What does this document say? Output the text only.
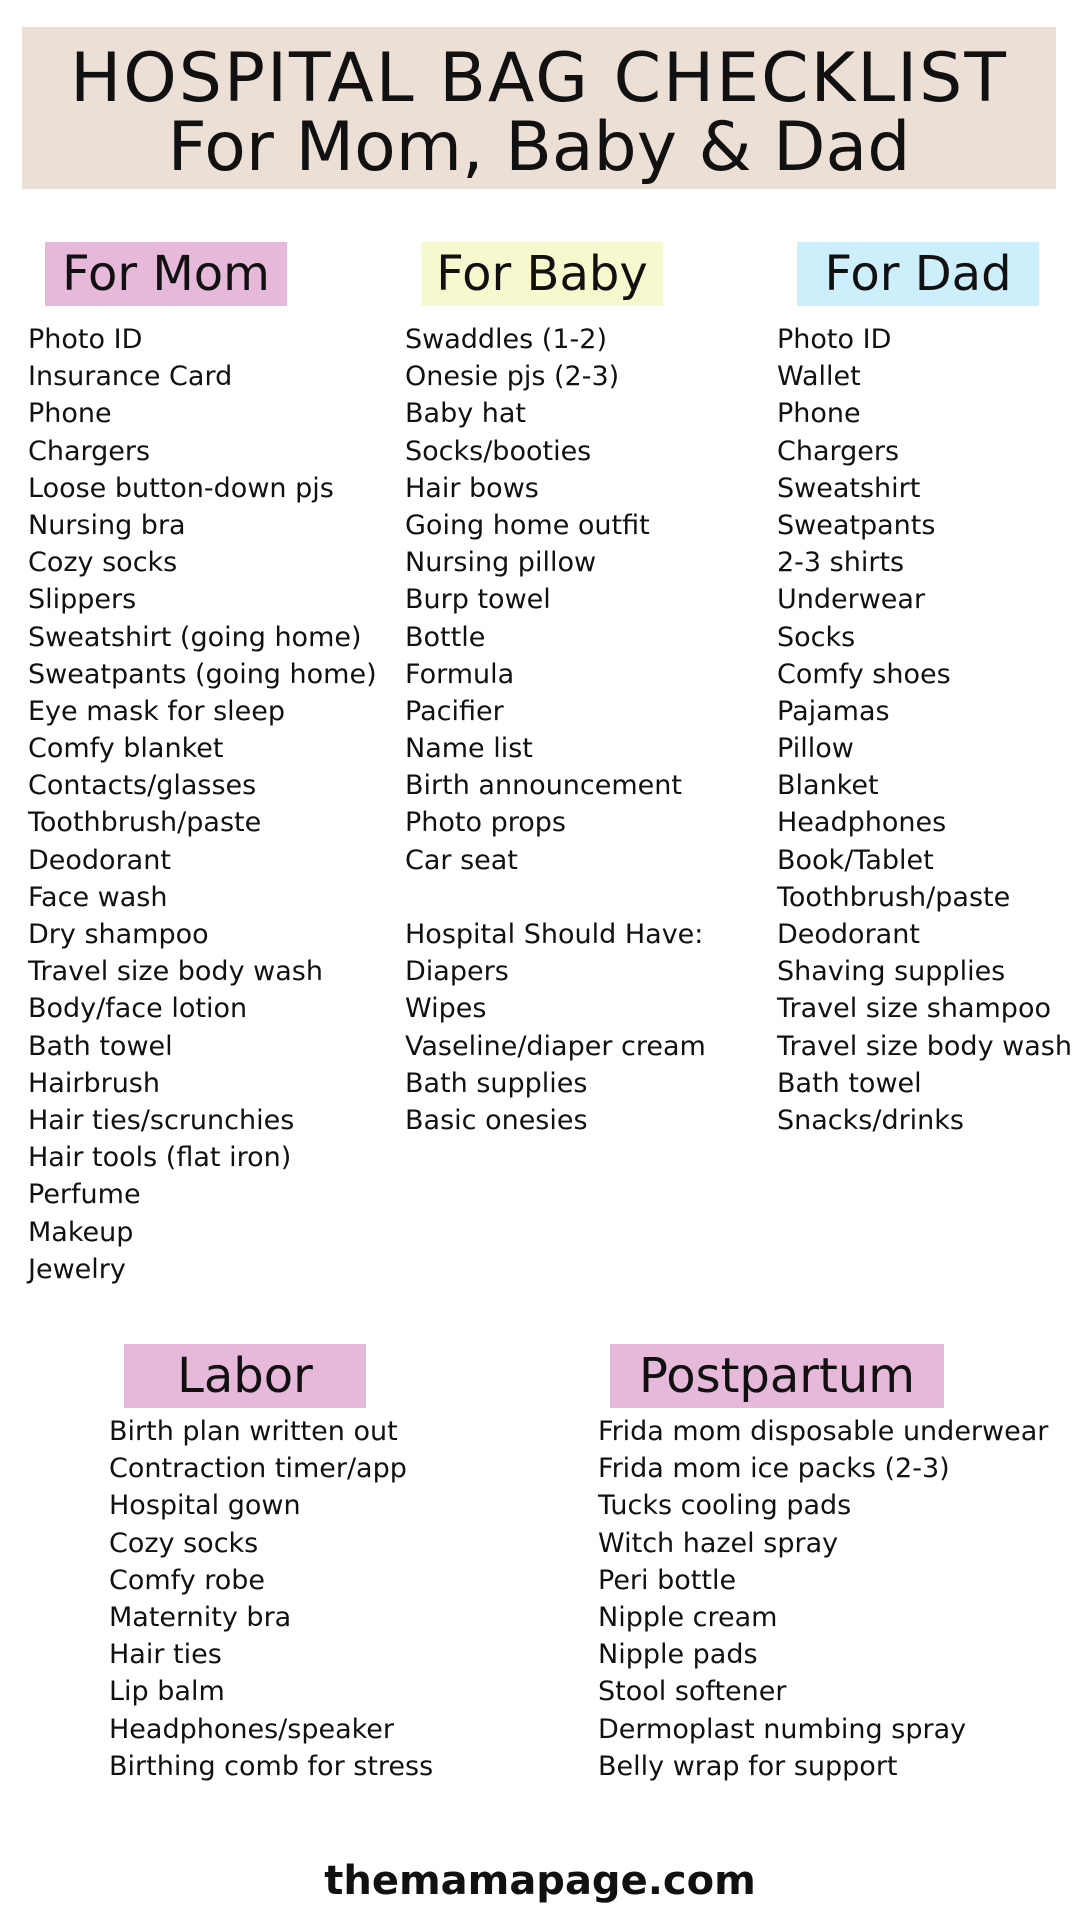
HOSPITAL BAG CHECKLIST
For Mom, Baby & Dad
For Mom	For Baby	For Dad
Photo ID
Insurance Card
Phone
Chargers
Loose button-down pjs
Nursing bra
Cozy socks
Slippers
Sweatshirt (going home)
Sweatpants (going home)
Eye mask for sleep
Comfy blanket
Contacts/glasses
Toothbrush/paste
Deodorant
Face wash
Dry shampoo
Travel size body wash
Body/face lotion
Bath towel
Hairbrush
Hair ties/scrunchies
Hair tools (flat iron)
Perfume
Makeup
Jewelry
Swaddles (1-2)
Onesie pjs (2-3)
Baby hat
Socks/booties
Hair bows
Going home outfit
Nursing pillow
Burp towel
Bottle
Formula
Pacifier
Name list
Birth announcement
Photo props
Car seat
Hospital Should Have:
Diapers
Wipes
Vaseline/diaper cream
Bath supplies
Basic onesies
Photo ID
Wallet
Phone
Chargers
Sweatshirt
Sweatpants
2-3 shirts
Underwear
Socks
Comfy shoes
Pajamas
Pillow
Blanket
Headphones
Book/Tablet
Toothbrush/paste
Deodorant
Shaving supplies
Travel size shampoo
Travel size body wash
Bath towel
Snacks/drinks
Labor	Postpartum
Birth plan written out
Contraction timer/app
Hospital gown
Cozy socks
Comfy robe
Maternity bra
Hair ties
Lip balm
Headphones/speaker
Birthing comb for stress
Frida mom disposable underwear
Frida mom ice packs (2-3)
Tucks cooling pads
Witch hazel spray
Peri bottle
Nipple cream
Nipple pads
Stool softener
Dermoplast numbing spray
Belly wrap for support
themamapage.com
